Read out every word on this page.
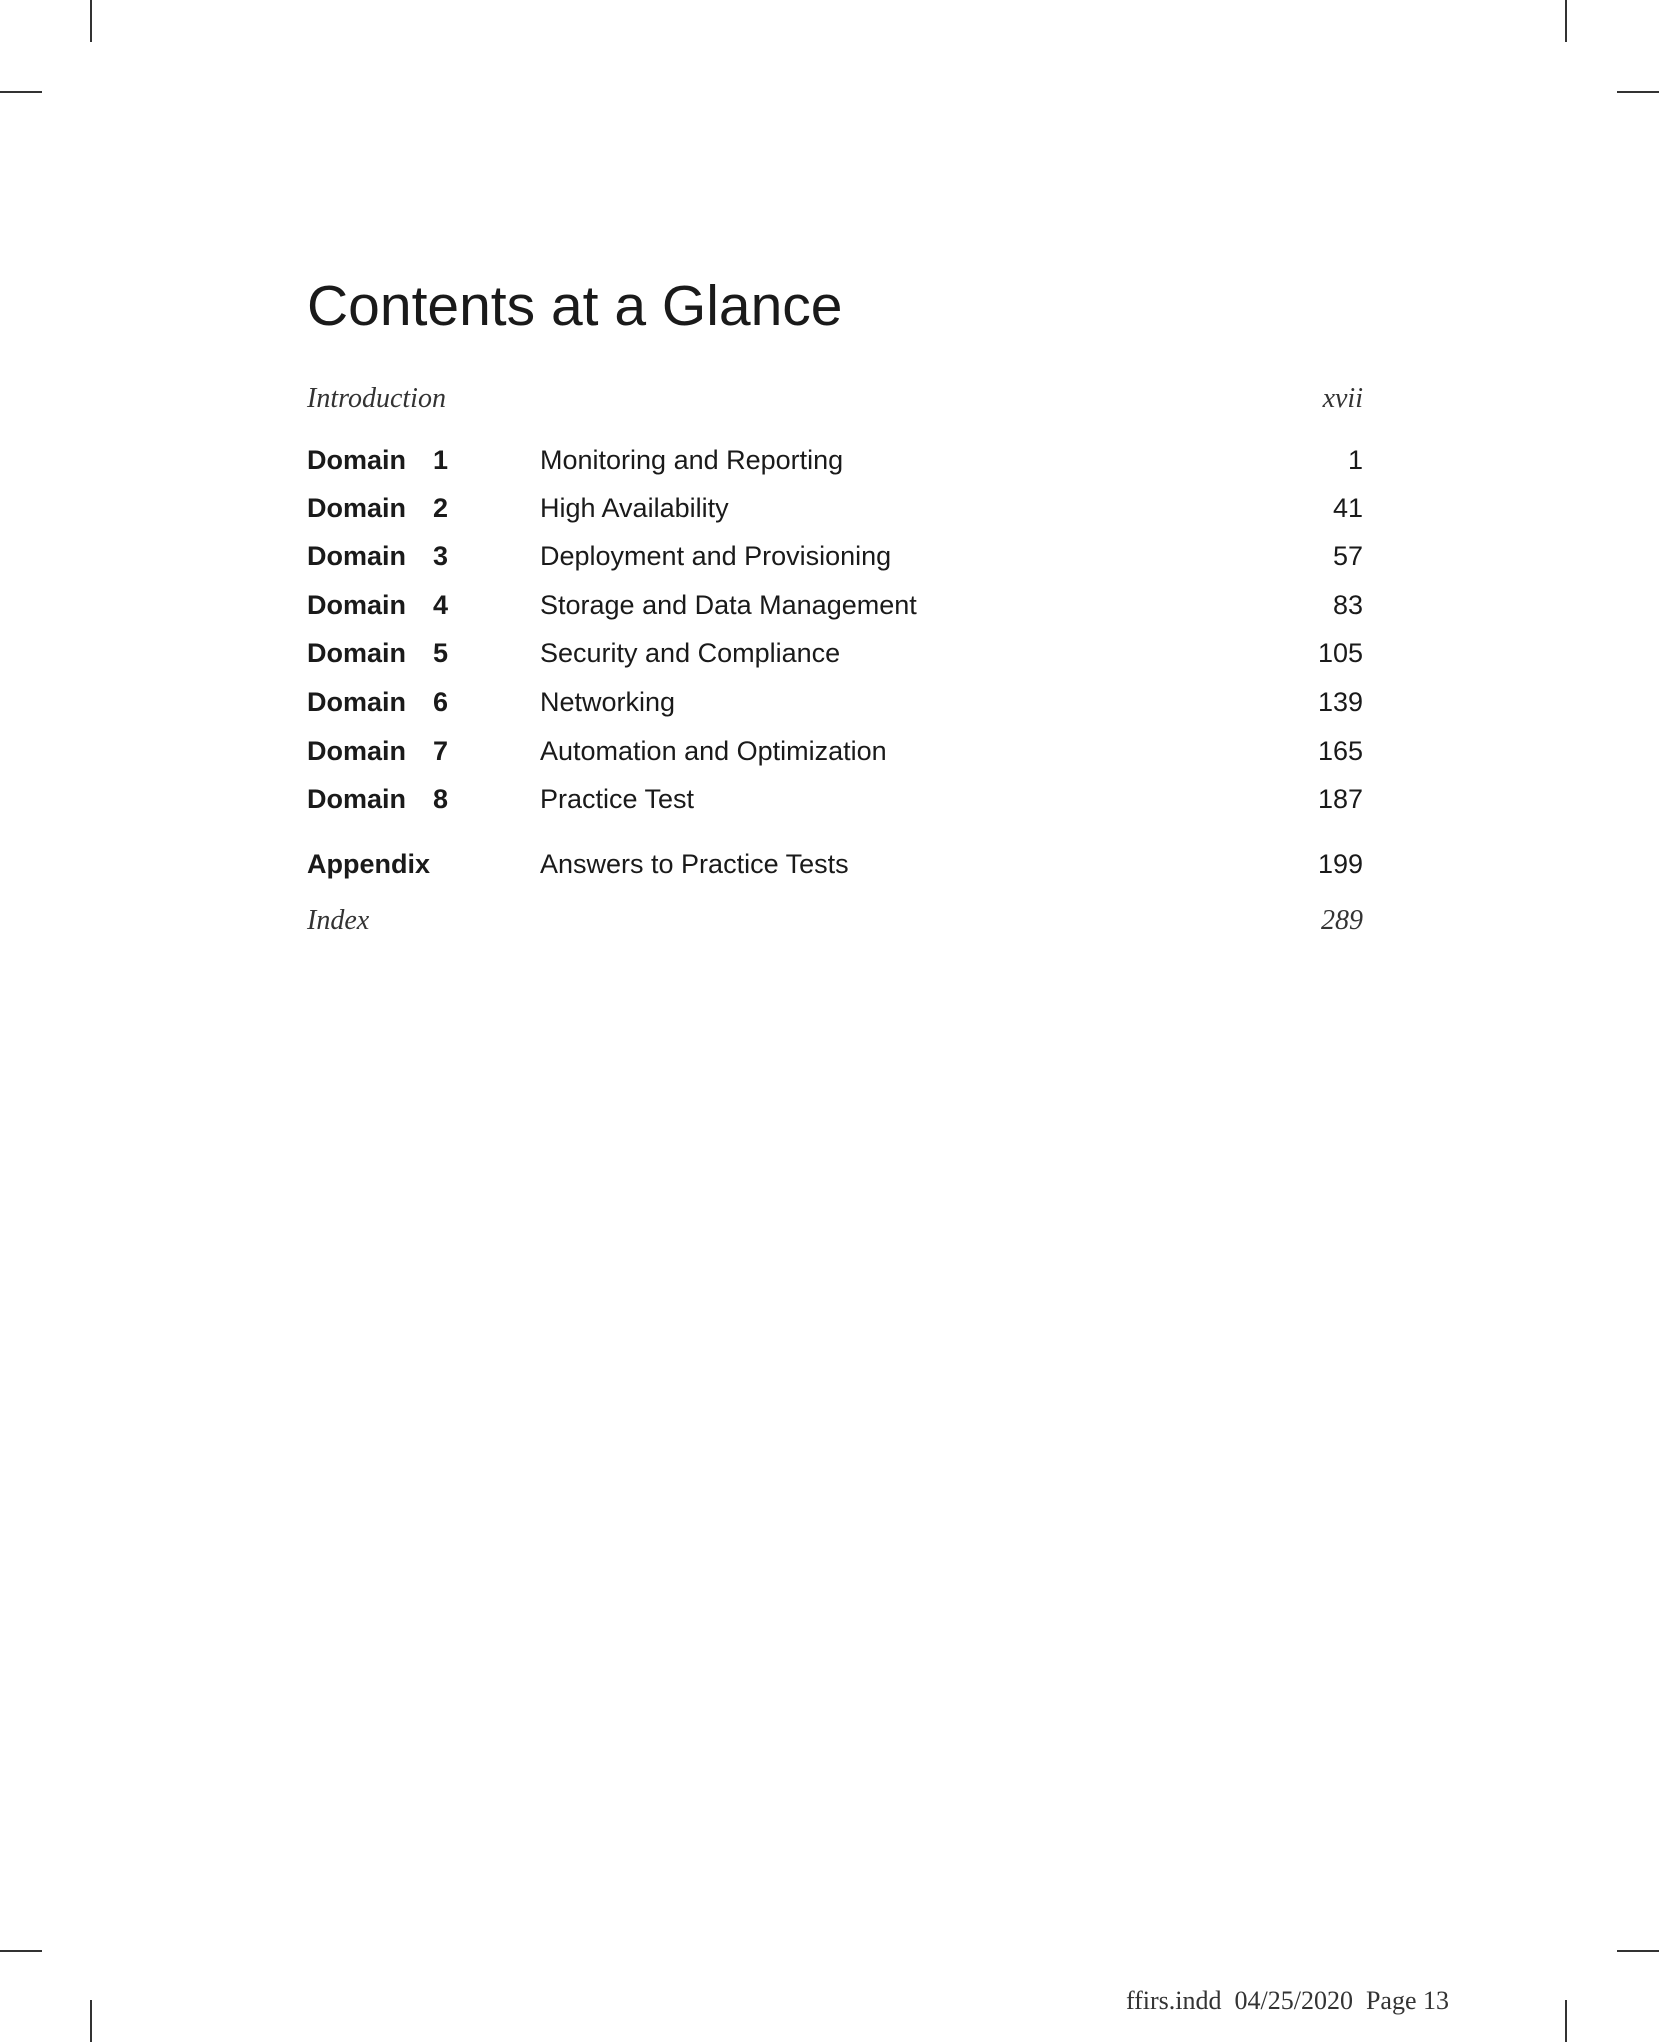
Contents at a Glance
Introduction	xvii
Domain 1	Monitoring and Reporting	1
Domain 2	High Availability	41
Domain 3	Deployment and Provisioning	57
Domain 4	Storage and Data Management	83
Domain 5	Security and Compliance	105
Domain 6	Networking	139
Domain 7	Automation and Optimization	165
Domain 8	Practice Test	187
Appendix	Answers to Practice Tests	199
Index	289
ffirs.indd  04/25/2020  Page 13
